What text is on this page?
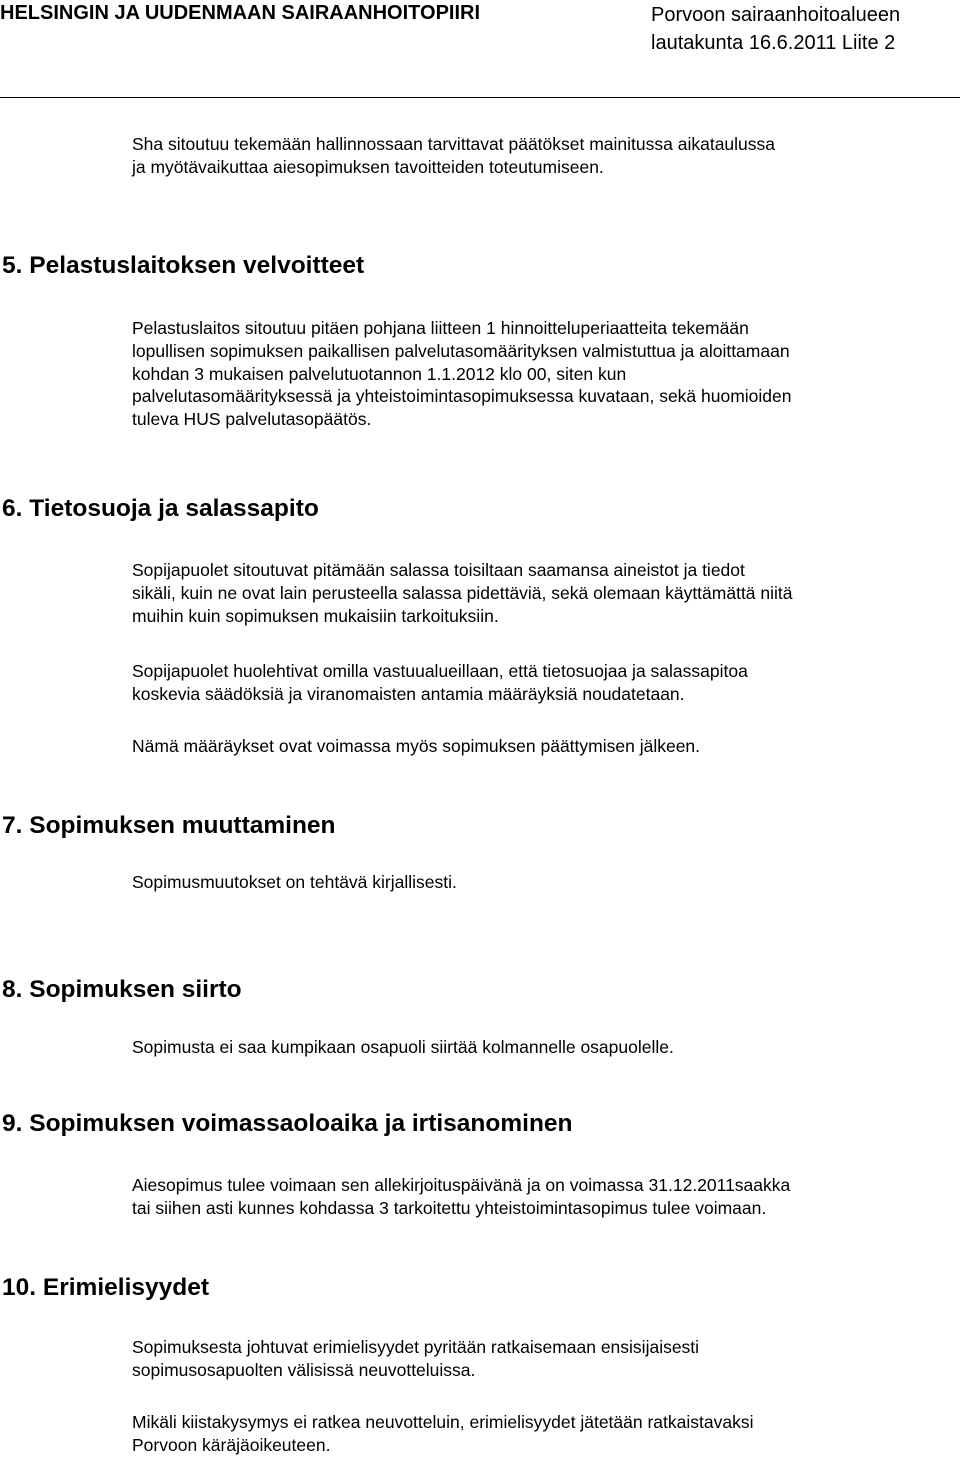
HELSINGIN JA UUDENMAAN SAIRAANHOITOPIIRI	Porvoon sairaanhoitoalueen
lautakunta 16.6.2011 Liite 2

Sha sitoutuu tekemään hallinnossaan tarvittavat päätökset mainitussa aikataulussa

ja myötävaikuttaa aiesopimuksen tavoitteiden toteutumiseen.

5. Pelastuslaitoksen velvoitteet

Pelastuslaitos sitoutuu pitäen pohjana liitteen 1 hinnoitteluperiaatteita tekemään

lopullisen sopimuksen paikallisen palvelutasomäärityksen valmistuttua ja aloittamaan

kohdan 3 mukaisen palvelutuotannon 1.1.2012 klo 00, siten kun

palvelutasomäärityksessä ja yhteistoimintasopimuksessa kuvataan, sekä huomioiden

tuleva HUS palvelutasopäätös.

6. Tietosuoja ja salassapito

Sopijapuolet sitoutuvat pitämään salassa toisiltaan saamansa aineistot ja tiedot

sikäli, kuin ne ovat lain perusteella salassa pidettäviä, sekä olemaan käyttämättä niitä

muihin kuin sopimuksen mukaisiin tarkoituksiin.

Sopijapuolet huolehtivat omilla vastuualueillaan, että tietosuojaa ja salassapitoa

koskevia säädöksiä ja viranomaisten antamia määräyksiä noudatetaan.

Nämä määräykset ovat voimassa myös sopimuksen päättymisen jälkeen.

7. Sopimuksen muuttaminen

Sopimusmuutokset on tehtävä kirjallisesti.

8. Sopimuksen siirto

Sopimusta ei saa kumpikaan osapuoli siirtää kolmannelle osapuolelle.

9. Sopimuksen voimassaoloaika ja irtisanominen

Aiesopimus tulee voimaan sen allekirjoituspäivänä ja on voimassa 31.12.2011saakka

tai siihen asti kunnes kohdassa 3 tarkoitettu yhteistoimintasopimus tulee voimaan.

10. Erimielisyydet

Sopimuksesta johtuvat erimielisyydet pyritään ratkaisemaan ensisijaisesti

sopimusosapuolten välisissä neuvotteluissa.

Mikäli kiistakysymys ei ratkea neuvotteluin, erimielisyydet jätetään ratkaistavaksi

Porvoon käräjäoikeuteen.
